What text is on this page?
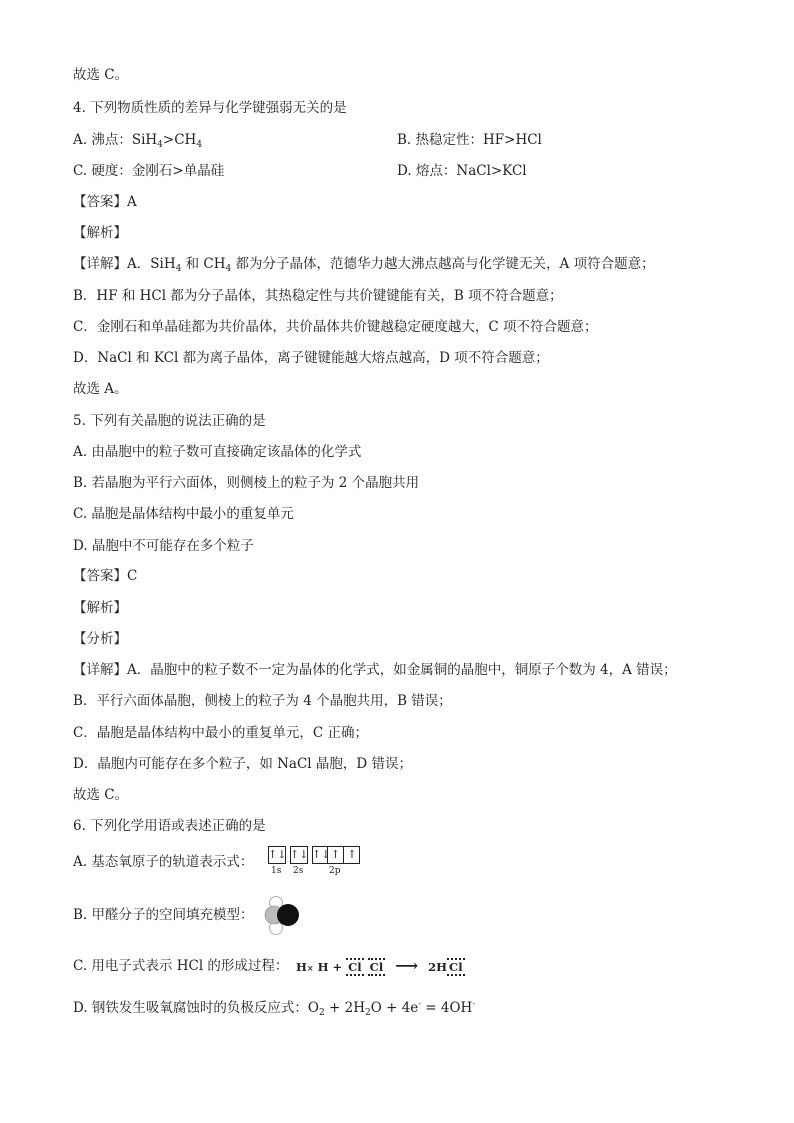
故选 C。
4. 下列物质性质的差异与化学键强弱无关的是
A. 沸点：$SiH_4>CH_4$	B. 热稳定性：HF>HCl
C. 硬度：金刚石>单晶硅	D. 熔点：NaCl>KCl
【答案】A
【解析】
【详解】A．SiH$_4$ 和 $CH_4$ 都为分子晶体，范德华力越大沸点越高与化学键无关，A 项符合题意；
B．HF 和 HCl 都为分子晶体，其热稳定性与共价键键能有关，B 项不符合题意；
C．金刚石和单晶硅都为共价晶体，共价晶体共价键越稳定硬度越大，C 项不符合题意；
D．NaCl 和 KCl 都为离子晶体，离子键键能越大熔点越高，D 项不符合题意；
故选 A。
5. 下列有关晶胞的说法正确的是
A. 由晶胞中的粒子数可直接确定该晶体的化学式
B. 若晶胞为平行六面体，则侧棱上的粒子为 2 个晶胞共用
C. 晶胞是晶体结构中最小的重复单元
D. 晶胞中不可能存在多个粒子
【答案】C
【解析】
【分析】
【详解】A．晶胞中的粒子数不一定为晶体的化学式，如金属铜的晶胞中，铜原子个数为 4，A 错误；
B．平行六面体晶胞，侧棱上的粒子为 4 个晶胞共用，B 错误；
C．晶胞是晶体结构中最小的重复单元，C 正确；
D．晶胞内可能存在多个粒子，如 NaCl 晶胞，D 错误；
故选 C。
6. 下列化学用语或表述正确的是
A. 基态氧原子的轨道表示式： ↑↓ ↑↓ ↑↓ ↑ ↑
1s 2s	2p
B. 甲醛分子的空间填充模型：
C. 用电子式表示 HCl 的形成过程： H× H + Cl Cl ⟶ 2H Cl
D. 钢铁发生吸氧腐蚀时的负极反应式：$O_2 + 2H_2O + 4e^- = 4OH^-$
